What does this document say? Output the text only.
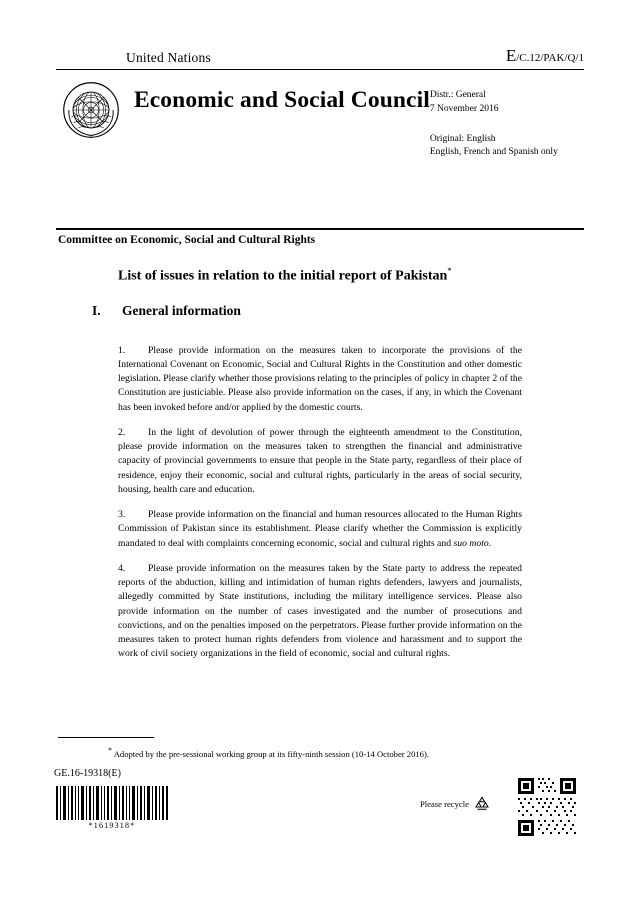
United Nations	E/C.12/PAK/Q/1
Economic and Social Council Distr.: General
7 November 2016
Original: English
English, French and Spanish only
Committee on Economic, Social and Cultural Rights
List of issues in relation to the initial report of Pakistan*
I. General information

1. Please provide information on the measures taken to incorporate the provisions of the International Covenant on Economic, Social and Cultural Rights in the Constitution and other domestic legislation. Please clarify whether those provisions relating to the principles of policy in chapter 2 of the Constitution are justiciable. Please also provide information on the cases, if any, in which the Covenant has been invoked before and/or applied by the domestic courts.

2. In the light of devolution of power through the eighteenth amendment to the Constitution, please provide information on the measures taken to strengthen the financial and administrative capacity of provincial governments to ensure that people in the State party, regardless of their place of residence, enjoy their economic, social and cultural rights, particularly in the areas of social security, housing, health care and education.

3. Please provide information on the financial and human resources allocated to the Human Rights Commission of Pakistan since its establishment. Please clarify whether the Commission is explicitly mandated to deal with complaints concerning economic, social and cultural rights and suo moto.

4. Please provide information on the measures taken by the State party to address the repeated reports of the abduction, killing and intimidation of human rights defenders, lawyers and journalists, allegedly committed by State institutions, including the military intelligence services. Please also provide information on the number of cases investigated and the number of prosecutions and convictions, and on the penalties imposed on the perpetrators. Please further provide information on the measures taken to protect human rights defenders from violence and harassment and to support the work of civil society organizations in the field of economic, social and cultural rights.

* Adopted by the pre-sessional working group at its fifty-ninth session (10-14 October 2016).
GE.16-19318(E)
*1619318*
Please recycle
